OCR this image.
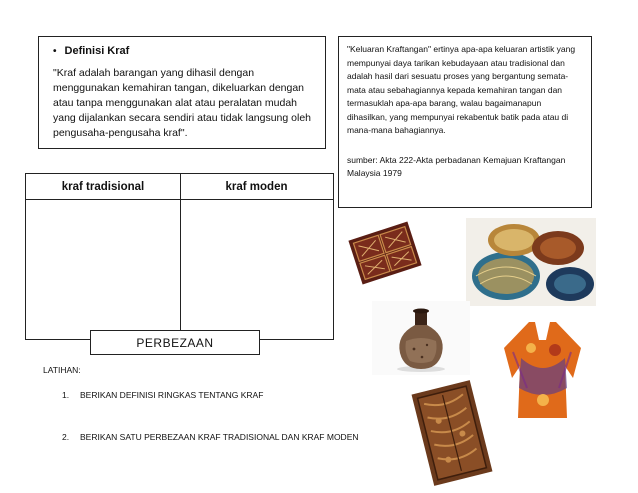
• Definisi Kraf
"Kraf adalah barangan yang dihasil dengan menggunakan kemahiran tangan, dikeluarkan dengan atau tanpa menggunakan alat atau peralatan mudah yang dijalankan secara sendiri atau tidak langsung oleh pengusaha-pengusaha kraf".
"Keluaran Kraftangan" ertinya apa-apa keluaran artistik yang mempunyai daya tarikan kebudayaan atau tradisional dan adalah hasil dari sesuatu proses yang bergantung semata-mata atau sebahagiannya kepada kemahiran tangan dan termasuklah apa-apa barang, walau bagaimanapun dihasilkan, yang mempunyai rekabentuk batik pada atau di mana-mana bahagiannya.
sumber: Akta 222-Akta perbadanan Kemajuan Kraftangan Malaysia 1979
kraf tradisional	kraf moden
PERBEZAAN
LATIHAN:
1.	BERIKAN DEFINISI RINGKAS TENTANG KRAF
2.	BERIKAN SATU PERBEZAAN KRAF TRADISIONAL DAN KRAF MODEN
